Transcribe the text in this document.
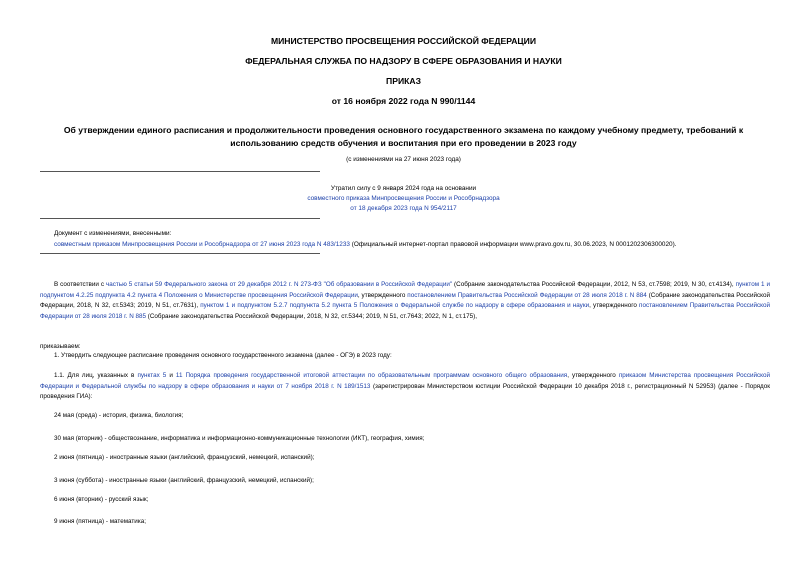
МИНИСТЕРСТВО ПРОСВЕЩЕНИЯ РОССИЙСКОЙ ФЕДЕРАЦИИ
ФЕДЕРАЛЬНАЯ СЛУЖБА ПО НАДЗОРУ В СФЕРЕ ОБРАЗОВАНИЯ И НАУКИ
ПРИКАЗ
от 16 ноября 2022 года N 990/1144
Об утверждении единого расписания и продолжительности проведения основного государственного экзамена по каждому учебному предмету, требований к использованию средств обучения и воспитания при его проведении в 2023 году
(с изменениями на 27 июня 2023 года)
Утратил силу с 9 января 2024 года на основании
совместного приказа Минпросвещения России и Рособрнадзора
от 18 декабря 2023 года N 954/2117
Документ с изменениями, внесенными:
совместным приказом Минпросвещения России и Рособрнадзора от 27 июня 2023 года N 483/1233 (Официальный интернет-портал правовой информации www.pravo.gov.ru, 30.06.2023, N 0001202306300020).
В соответствии с частью 5 статьи 59 Федерального закона от 29 декабря 2012 г. N 273-ФЗ "Об образовании в Российской Федерации" (Собрание законодательства Российской Федерации, 2012, N 53, ст.7598; 2019, N 30, ст.4134), пунктом 1 и подпунктом 4.2.25 подпункта 4.2 пункта 4 Положения о Министерстве просвещения Российской Федерации, утвержденного постановлением Правительства Российской Федерации от 28 июля 2018 г. N 884 (Собрание законодательства Российской Федерации, 2018, N 32, ст.5343; 2019, N 51, ст.7631), пунктом 1 и подпунктом 5.2.7 подпункта 5.2 пункта 5 Положения о Федеральной службе по надзору в сфере образования и науки, утвержденного постановлением Правительства Российской Федерации от 28 июля 2018 г. N 885 (Собрание законодательства Российской Федерации, 2018, N 32, ст.5344; 2019, N 51, ст.7643; 2022, N 1, ст.175),
приказываем:
1. Утвердить следующее расписание проведения основного государственного экзамена (далее - ОГЭ) в 2023 году:
1.1. Для лиц, указанных в пунктах 5 и 11 Порядка проведения государственной итоговой аттестации по образовательным программам основного общего образования, утвержденного приказом Министерства просвещения Российской Федерации и Федеральной службы по надзору в сфере образования и науки от 7 ноября 2018 г. N 189/1513 (зарегистрирован Министерством юстиции Российской Федерации 10 декабря 2018 г., регистрационный N 52953) (далее - Порядок проведения ГИА):
24 мая (среда) - история, физика, биология;
30 мая (вторник) - обществознание, информатика и информационно-коммуникационные технологии (ИКТ), география, химия;
2 июня (пятница) - иностранные языки (английский, французский, немецкий, испанский);
3 июня (суббота) - иностранные языки (английский, французский, немецкий, испанский);
6 июня (вторник) - русский язык;
9 июня (пятница) - математика;
